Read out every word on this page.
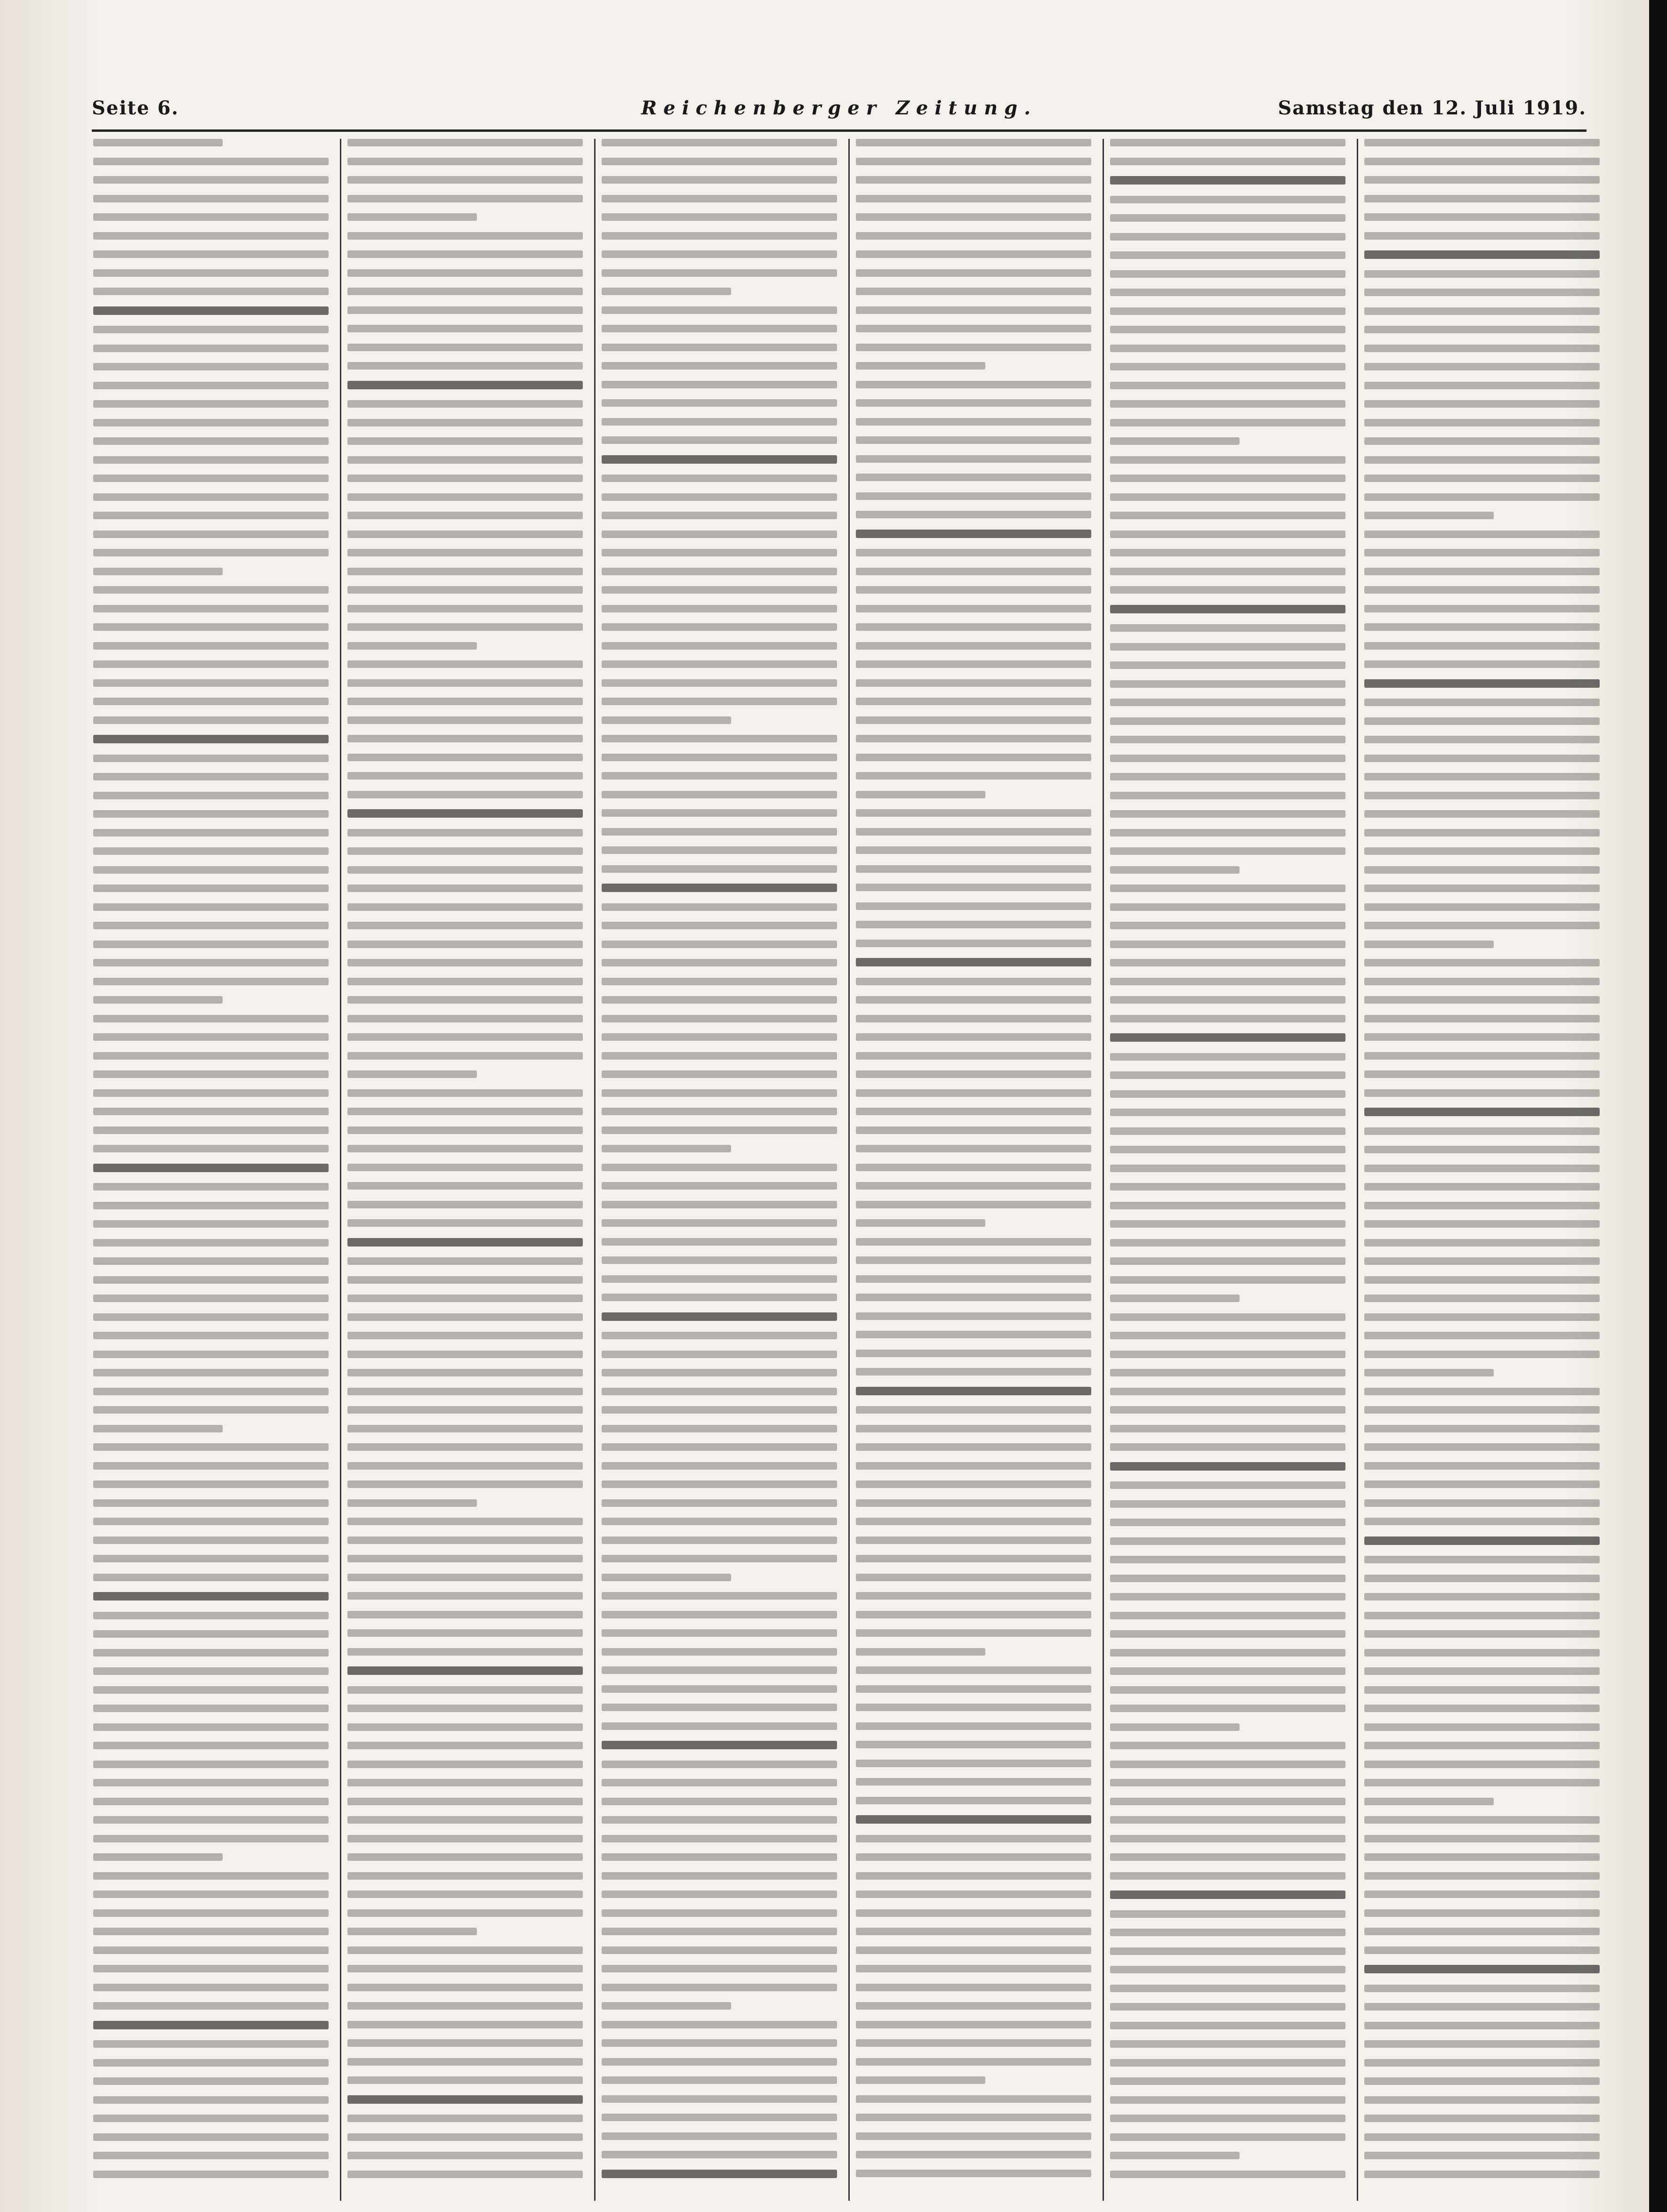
Seite 6.	Reichenberger Zeitung.	Samstag den 12. Juli 1919.
